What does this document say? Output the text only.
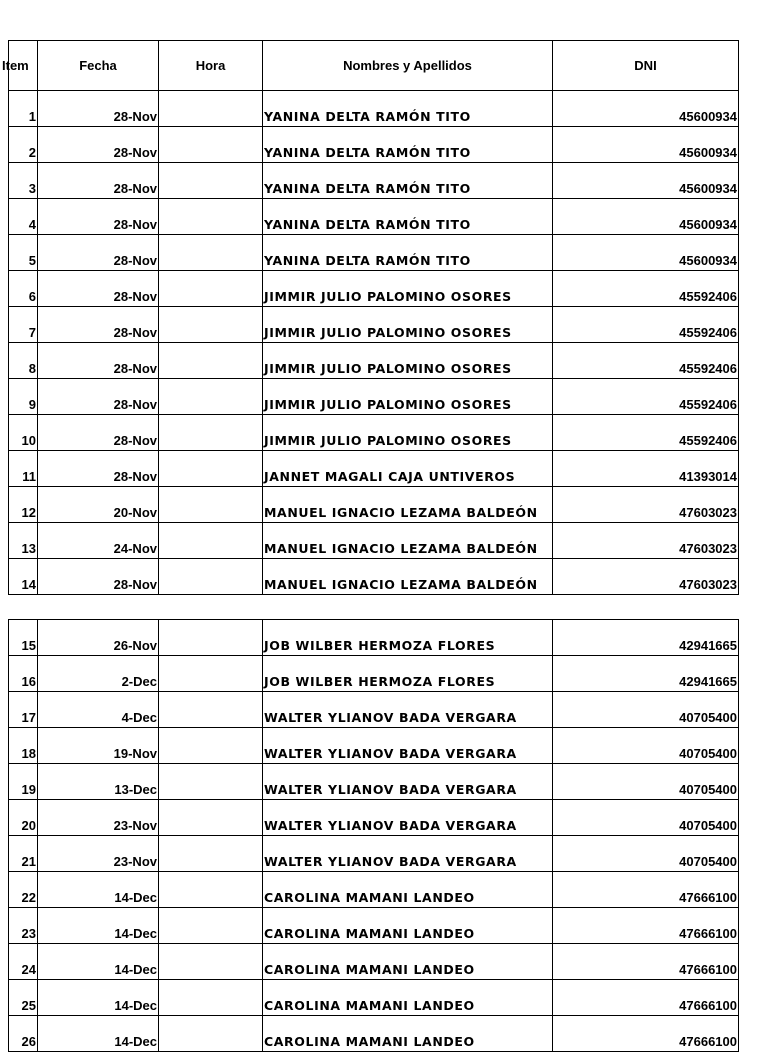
Item	Fecha	Hora	Nombres y Apellidos	DNI
1	28-Nov		YANINA DELTA RAMÓN TITO	45600934
2	28-Nov		YANINA DELTA RAMÓN TITO	45600934
3	28-Nov		YANINA DELTA RAMÓN TITO	45600934
4	28-Nov		YANINA DELTA RAMÓN TITO	45600934
5	28-Nov		YANINA DELTA RAMÓN TITO	45600934
6	28-Nov		JIMMIR JULIO PALOMINO OSORES	45592406
7	28-Nov		JIMMIR JULIO PALOMINO OSORES	45592406
8	28-Nov		JIMMIR JULIO PALOMINO OSORES	45592406
9	28-Nov		JIMMIR JULIO PALOMINO OSORES	45592406
10	28-Nov		JIMMIR JULIO PALOMINO OSORES	45592406
11	28-Nov		JANNET MAGALI CAJA UNTIVEROS	41393014
12	20-Nov		MANUEL IGNACIO LEZAMA BALDEÓN	47603023
13	24-Nov		MANUEL IGNACIO LEZAMA BALDEÓN	47603023
14	28-Nov		MANUEL IGNACIO LEZAMA BALDEÓN	47603023
15	26-Nov		JOB WILBER HERMOZA FLORES	42941665
16	2-Dec		JOB WILBER HERMOZA FLORES	42941665
17	4-Dec		WALTER YLIANOV BADA VERGARA	40705400
18	19-Nov		WALTER YLIANOV BADA VERGARA	40705400
19	13-Dec		WALTER YLIANOV BADA VERGARA	40705400
20	23-Nov		WALTER YLIANOV BADA VERGARA	40705400
21	23-Nov		WALTER YLIANOV BADA VERGARA	40705400
22	14-Dec		CAROLINA MAMANI LANDEO	47666100
23	14-Dec		CAROLINA MAMANI LANDEO	47666100
24	14-Dec		CAROLINA MAMANI LANDEO	47666100
25	14-Dec		CAROLINA MAMANI LANDEO	47666100
26	14-Dec		CAROLINA MAMANI LANDEO	47666100
